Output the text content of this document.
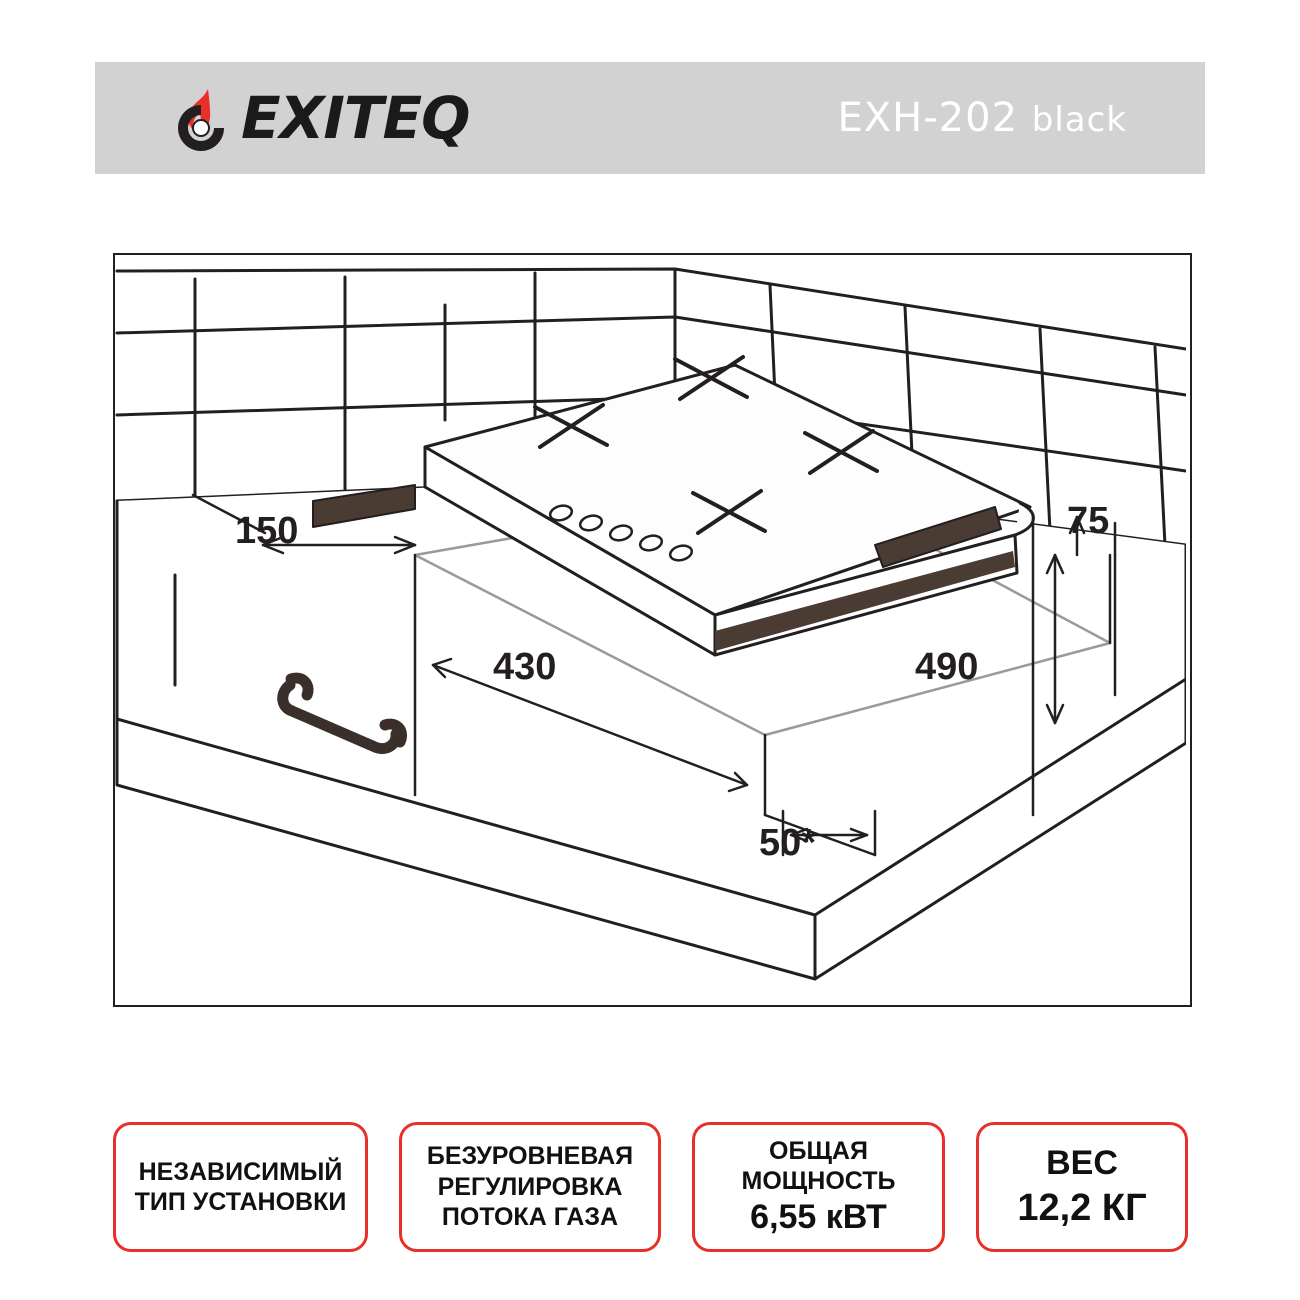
EXITEQ	EXH-202 black
150
430	490
75
50*
НЕЗАВИСИМЫЙ
ТИП УСТАНОВКИ
БЕЗУРОВНЕВАЯ
РЕГУЛИРОВКА
ПОТОКА ГАЗА
ОБЩАЯ МОЩНОСТЬ
6,55 кВТ
ВЕС
12,2 КГ
